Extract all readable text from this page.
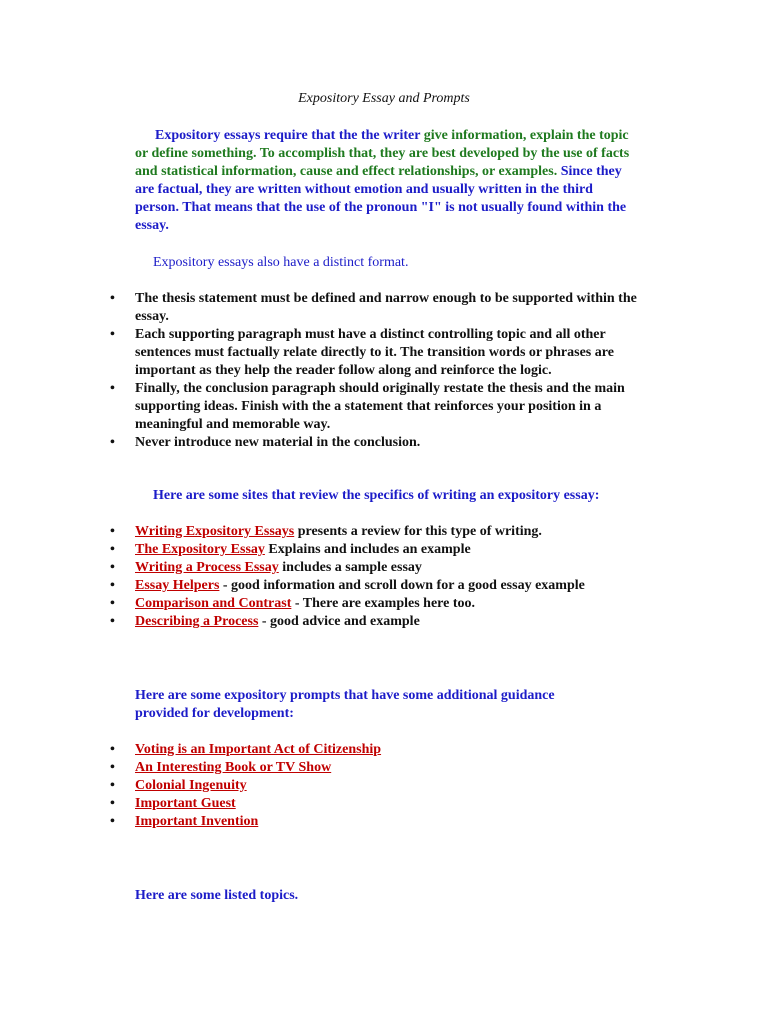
Expository Essay and Prompts
Expository essays require that the the writer give information, explain the topic or define something. To accomplish that, they are best developed by the use of facts and statistical information, cause and effect relationships, or examples. Since they are factual, they are written without emotion and usually written in the third person. That means that the use of the pronoun "I" is not usually found within the essay.
Expository essays also have a distinct format.
•	The thesis statement must be defined and narrow enough to be supported within the essay.
•	Each supporting paragraph must have a distinct controlling topic and all other sentences must factually relate directly to it. The transition words or phrases are important as they help the reader follow along and reinforce the logic.
•	Finally, the conclusion paragraph should originally restate the thesis and the main supporting ideas. Finish with the a statement that reinforces your position in a meaningful and memorable way.
•	Never introduce new material in the conclusion.
Here are some sites that review the specifics of writing an expository essay:
•	Writing Expository Essays presents a review for this type of writing.
•	The Expository Essay Explains and includes an example
•	Writing a Process Essay includes a sample essay
•	Essay Helpers - good information and scroll down for a good essay example
•	Comparison and Contrast - There are examples here too.
•	Describing a Process - good advice and example
Here are some expository prompts that have some additional guidance provided for development:
•	Voting is an Important Act of Citizenship
•	An Interesting Book or TV Show
•	Colonial Ingenuity
•	Important Guest
•	Important Invention
Here are some listed topics.
